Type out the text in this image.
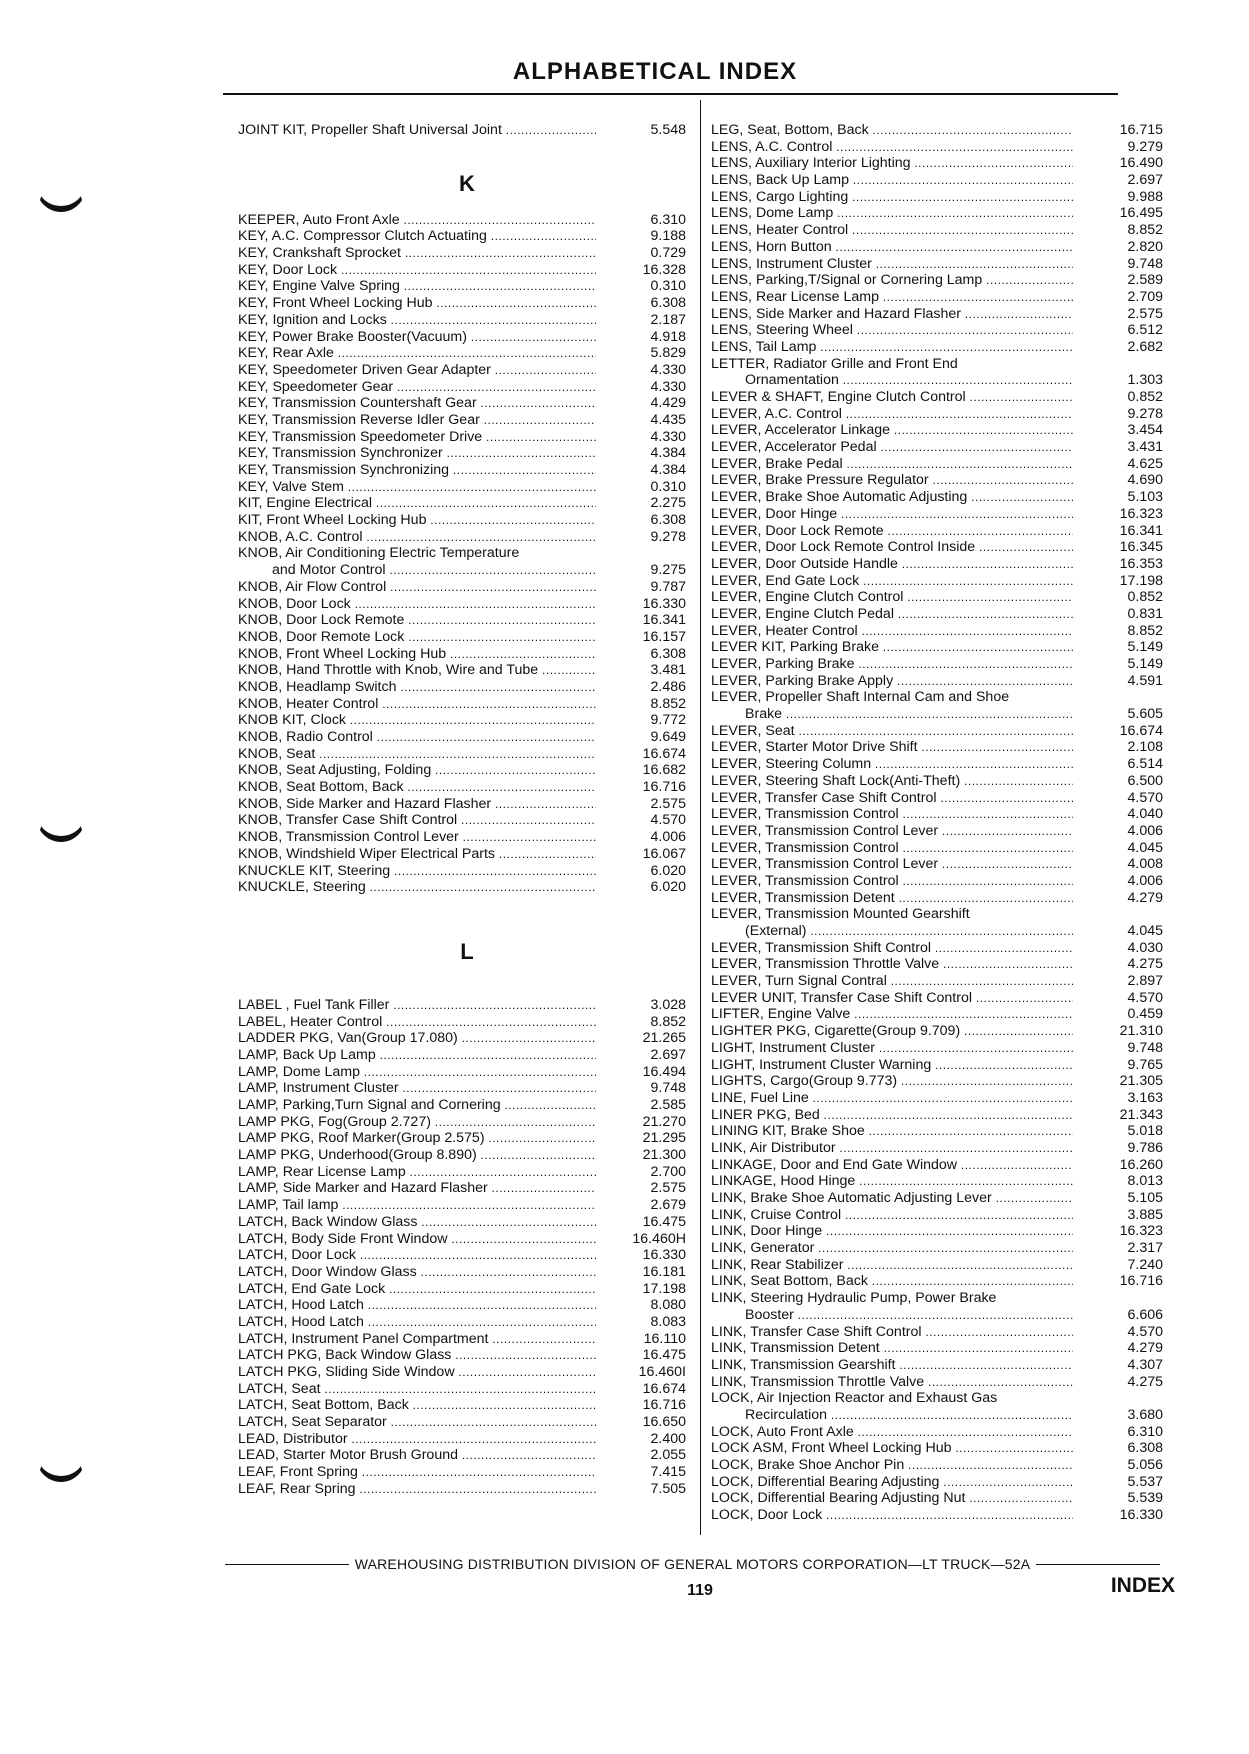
ALPHABETICAL INDEX
JOINT KIT, Propeller Shaft Universal Joint .....	5.548
K
KEEPER, Auto Front Axle .....	6.310
KEY, A.C. Compressor Clutch Actuating .....	9.188
KEY, Crankshaft Sprocket .....	0.729
KEY, Door Lock .....	16.328
KEY, Engine Valve Spring .....	0.310
KEY, Front Wheel Locking Hub .....	6.308
KEY, Ignition and Locks .....	2.187
KEY, Power Brake Booster(Vacuum) .....	4.918
KEY, Rear Axle .....	5.829
KEY, Speedometer Driven Gear Adapter .....	4.330
KEY, Speedometer Gear .....	4.330
KEY, Transmission Countershaft Gear .....	4.429
KEY, Transmission Reverse Idler Gear .....	4.435
KEY, Transmission Speedometer Drive .....	4.330
KEY, Transmission Synchronizer .....	4.384
KEY, Transmission Synchronizing .....	4.384
KEY, Valve Stem .....	0.310
KIT, Engine Electrical .....	2.275
KIT, Front Wheel Locking Hub .....	6.308
KNOB, A.C. Control .....	9.278
KNOB, Air Conditioning Electric Temperature
and Motor Control .....	9.275
KNOB, Air Flow Control .....	9.787
KNOB, Door Lock .....	16.330
KNOB, Door Lock Remote .....	16.341
KNOB, Door Remote Lock .....	16.157
KNOB, Front Wheel Locking Hub .....	6.308
KNOB, Hand Throttle with Knob, Wire and Tube .....	3.481
KNOB, Headlamp Switch .....	2.486
KNOB, Heater Control .....	8.852
KNOB KIT, Clock .....	9.772
KNOB, Radio Control .....	9.649
KNOB, Seat .....	16.674
KNOB, Seat Adjusting, Folding .....	16.682
KNOB, Seat Bottom, Back .....	16.716
KNOB, Side Marker and Hazard Flasher .....	2.575
KNOB, Transfer Case Shift Control .....	4.570
KNOB, Transmission Control Lever .....	4.006
KNOB, Windshield Wiper Electrical Parts .....	16.067
KNUCKLE KIT, Steering .....	6.020
KNUCKLE, Steering .....	6.020
L
LABEL , Fuel Tank Filler .....	3.028
LABEL, Heater Control .....	8.852
LADDER PKG, Van(Group 17.080) .....	21.265
LAMP, Back Up Lamp .....	2.697
LAMP, Dome Lamp .....	16.494
LAMP, Instrument Cluster .....	9.748
LAMP, Parking,Turn Signal and Cornering .....	2.585
LAMP PKG, Fog(Group 2.727) .....	21.270
LAMP PKG, Roof Marker(Group 2.575) .....	21.295
LAMP PKG, Underhood(Group 8.890) .....	21.300
LAMP, Rear License Lamp .....	2.700
LAMP, Side Marker and Hazard Flasher .....	2.575
LAMP, Tail lamp .....	2.679
LATCH, Back Window Glass .....	16.475
LATCH, Body Side Front Window .....	16.460H
LATCH, Door Lock .....	16.330
LATCH, Door Window Glass .....	16.181
LATCH, End Gate Lock .....	17.198
LATCH, Hood Latch .....	8.080
LATCH, Hood Latch .....	8.083
LATCH, Instrument Panel Compartment .....	16.110
LATCH PKG, Back Window Glass .....	16.475
LATCH PKG, Sliding Side Window .....	16.460I
LATCH, Seat .....	16.674
LATCH, Seat Bottom, Back .....	16.716
LATCH, Seat Separator .....	16.650
LEAD, Distributor .....	2.400
LEAD, Starter Motor Brush Ground .....	2.055
LEAF, Front Spring .....	7.415
LEAF, Rear Spring .....	7.505
LEG, Seat, Bottom, Back .....	16.715
LENS, A.C. Control .....	9.279
LENS, Auxiliary Interior Lighting .....	16.490
LENS, Back Up Lamp .....	2.697
LENS, Cargo Lighting .....	9.988
LENS, Dome Lamp .....	16.495
LENS, Heater Control .....	8.852
LENS, Horn Button .....	2.820
LENS, Instrument Cluster .....	9.748
LENS, Parking,T/Signal or Cornering Lamp .....	2.589
LENS, Rear License Lamp .....	2.709
LENS, Side Marker and Hazard Flasher .....	2.575
LENS, Steering Wheel .....	6.512
LENS, Tail Lamp .....	2.682
LETTER, Radiator Grille and Front End
Ornamentation .....	1.303
LEVER & SHAFT, Engine Clutch Control .....	0.852
LEVER, A.C. Control .....	9.278
LEVER, Accelerator Linkage .....	3.454
LEVER, Accelerator Pedal .....	3.431
LEVER, Brake Pedal .....	4.625
LEVER, Brake Pressure Regulator .....	4.690
LEVER, Brake Shoe Automatic Adjusting .....	5.103
LEVER, Door Hinge .....	16.323
LEVER, Door Lock Remote .....	16.341
LEVER, Door Lock Remote Control Inside .....	16.345
LEVER, Door Outside Handle .....	16.353
LEVER, End Gate Lock .....	17.198
LEVER, Engine Clutch Control .....	0.852
LEVER, Engine Clutch Pedal .....	0.831
LEVER, Heater Control .....	8.852
LEVER KIT, Parking Brake .....	5.149
LEVER, Parking Brake .....	5.149
LEVER, Parking Brake Apply .....	4.591
LEVER, Propeller Shaft Internal Cam and Shoe
Brake .....	5.605
LEVER, Seat .....	16.674
LEVER, Starter Motor Drive Shift .....	2.108
LEVER, Steering Column .....	6.514
LEVER, Steering Shaft Lock(Anti-Theft) .....	6.500
LEVER, Transfer Case Shift Control .....	4.570
LEVER, Transmission Control .....	4.040
LEVER, Transmission Control Lever .....	4.006
LEVER, Transmission Control .....	4.045
LEVER, Transmission Control Lever .....	4.008
LEVER, Transmission Control .....	4.006
LEVER, Transmission Detent .....	4.279
LEVER, Transmission Mounted Gearshift
(External) .....	4.045
LEVER, Transmission Shift Control .....	4.030
LEVER, Transmission Throttle Valve .....	4.275
LEVER, Turn Signal Contral .....	2.897
LEVER UNIT, Transfer Case Shift Control .....	4.570
LIFTER, Engine Valve .....	0.459
LIGHTER PKG, Cigarette(Group 9.709) .....	21.310
LIGHT, Instrument Cluster .....	9.748
LIGHT, Instrument Cluster Warning .....	9.765
LIGHTS, Cargo(Group 9.773) .....	21.305
LINE, Fuel Line .....	3.163
LINER PKG, Bed .....	21.343
LINING KIT, Brake Shoe .....	5.018
LINK, Air Distributor .....	9.786
LINKAGE, Door and End Gate Window .....	16.260
LINKAGE, Hood Hinge .....	8.013
LINK, Brake Shoe Automatic Adjusting Lever .....	5.105
LINK, Cruise Control .....	3.885
LINK, Door Hinge .....	16.323
LINK, Generator .....	2.317
LINK, Rear Stabilizer .....	7.240
LINK, Seat Bottom, Back .....	16.716
LINK, Steering Hydraulic Pump, Power Brake
Booster .....	6.606
LINK, Transfer Case Shift Control .....	4.570
LINK, Transmission Detent .....	4.279
LINK, Transmission Gearshift .....	4.307
LINK, Transmission Throttle Valve .....	4.275
LOCK, Air Injection Reactor and Exhaust Gas
Recirculation .....	3.680
LOCK, Auto Front Axle .....	6.310
LOCK ASM, Front Wheel Locking Hub .....	6.308
LOCK, Brake Shoe Anchor Pin .....	5.056
LOCK, Differential Bearing Adjusting .....	5.537
LOCK, Differential Bearing Adjusting Nut .....	5.539
LOCK, Door Lock .....	16.330
WAREHOUSING DISTRIBUTION DIVISION OF GENERAL MOTORS CORPORATION—LT TRUCK—52A
119	INDEX
